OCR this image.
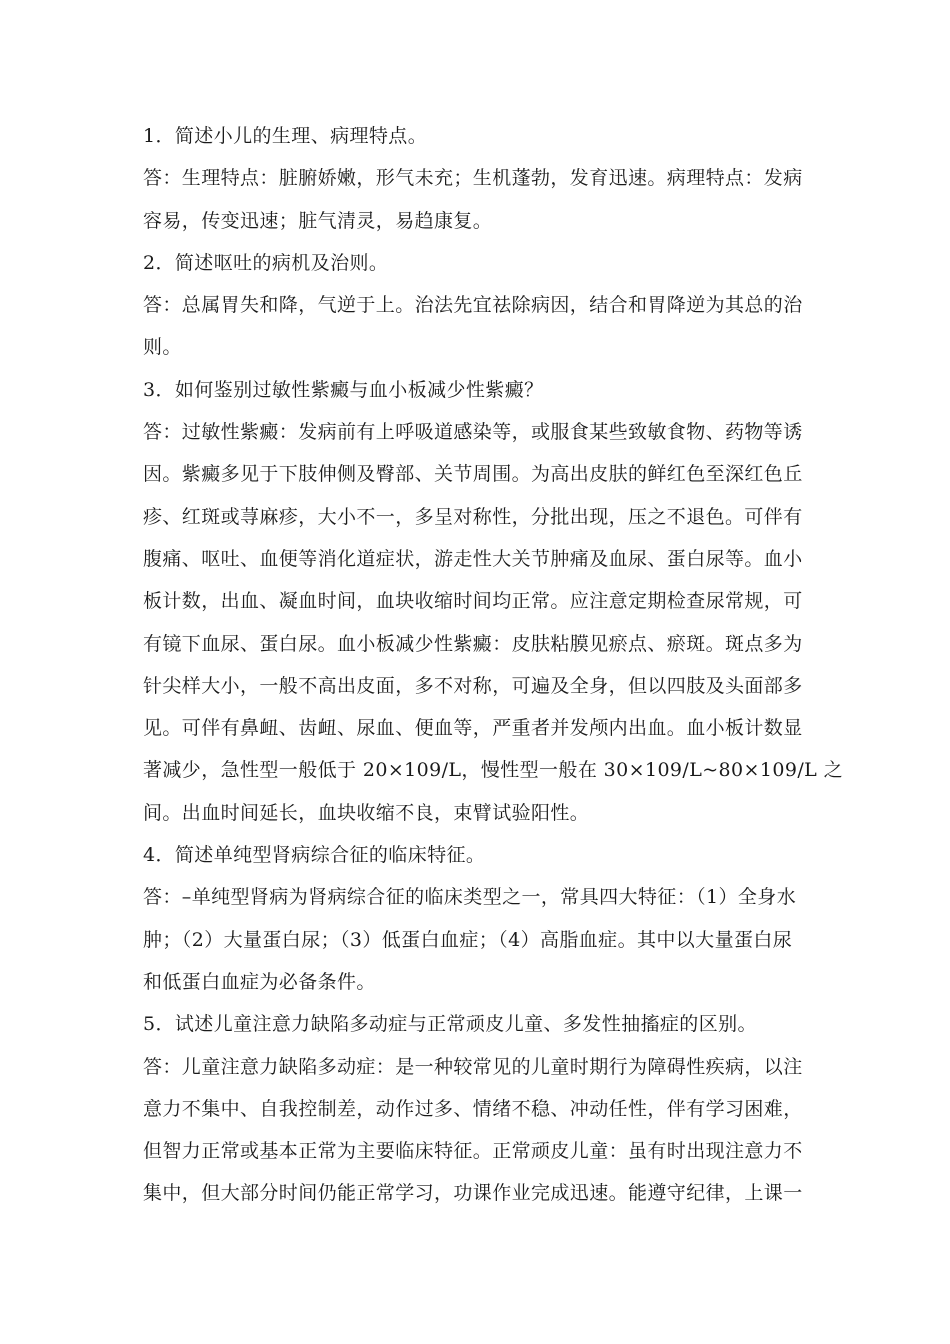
1．简述小儿的生理、病理特点。
答：生理特点：脏腑娇嫩，形气未充；生机蓬勃，发育迅速。病理特点：发病
容易，传变迅速；脏气清灵，易趋康复。
2．简述呕吐的病机及治则。
答：总属胃失和降，气逆于上。治法先宜祛除病因，结合和胃降逆为其总的治
则。
3．如何鉴别过敏性紫癜与血小板减少性紫癜？
答：过敏性紫癜：发病前有上呼吸道感染等，或服食某些致敏食物、药物等诱
因。紫癜多见于下肢伸侧及臀部、关节周围。为高出皮肤的鲜红色至深红色丘
疹、红斑或荨麻疹，大小不一，多呈对称性，分批出现，压之不退色。可伴有
腹痛、呕吐、血便等消化道症状，游走性大关节肿痛及血尿、蛋白尿等。血小
板计数，出血、凝血时间，血块收缩时间均正常。应注意定期检查尿常规，可
有镜下血尿、蛋白尿。血小板减少性紫癜：皮肤粘膜见瘀点、瘀斑。斑点多为
针尖样大小，一般不高出皮面，多不对称，可遍及全身，但以四肢及头面部多
见。可伴有鼻衄、齿衄、尿血、便血等，严重者并发颅内出血。血小板计数显
著减少，急性型一般低于 20×109/L，慢性型一般在 30×109/L~80×109/L 之
间。出血时间延长，血块收缩不良，束臂试验阳性。
4．简述单纯型肾病综合征的临床特征。
答：–单纯型肾病为肾病综合征的临床类型之一，常具四大特征：（1）全身水
肿；（2）大量蛋白尿；（3）低蛋白血症；（4）高脂血症。其中以大量蛋白尿
和低蛋白血症为必备条件。
5．试述儿童注意力缺陷多动症与正常顽皮儿童、多发性抽搐症的区别。
答：儿童注意力缺陷多动症：是一种较常见的儿童时期行为障碍性疾病，以注
意力不集中、自我控制差，动作过多、情绪不稳、冲动任性，伴有学习困难，
但智力正常或基本正常为主要临床特征。正常顽皮儿童：虽有时出现注意力不
集中，但大部分时间仍能正常学习，功课作业完成迅速。能遵守纪律，上课一
